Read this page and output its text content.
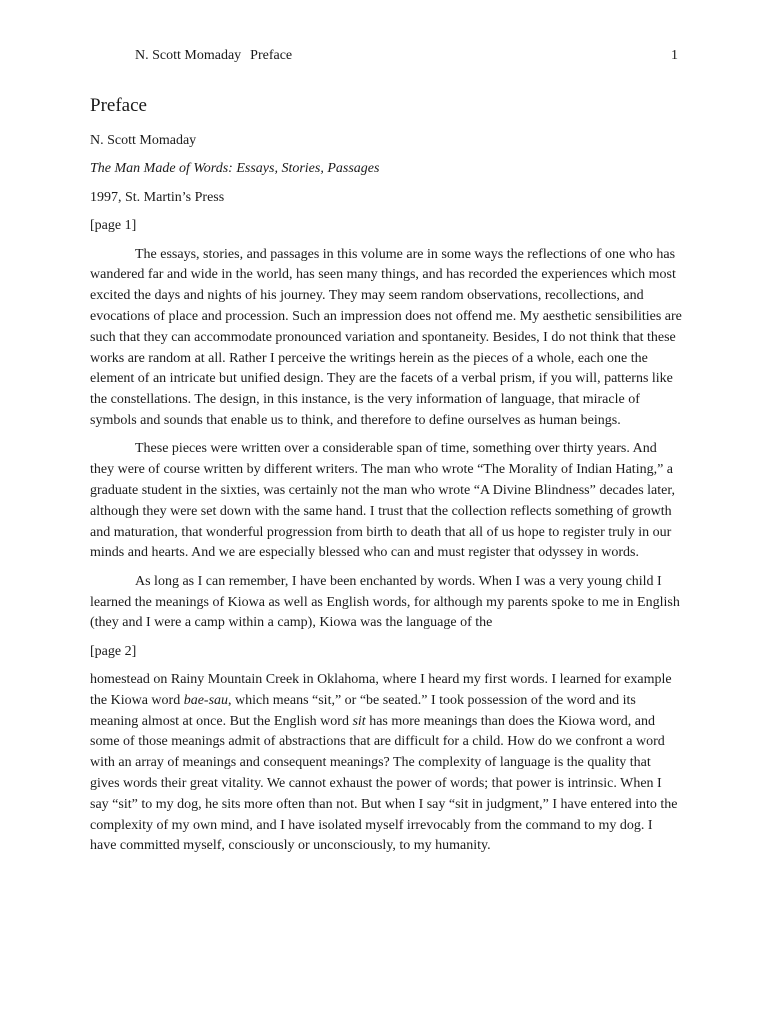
N. Scott Momaday Preface	1
Preface

N. Scott Momaday

The Man Made of Words: Essays, Stories, Passages

1997, St. Martin’s Press

[page 1]

The essays, stories, and passages in this volume are in some ways the reflections of one who has wandered far and wide in the world, has seen many things, and has recorded the experiences which most excited the days and nights of his journey. They may seem random observations, recollections, and evocations of place and procession. Such an impression does not offend me. My aesthetic sensibilities are such that they can accommodate pronounced variation and spontaneity. Besides, I do not think that these works are random at all. Rather I perceive the writings herein as the pieces of a whole, each one the element of an intricate but unified design. They are the facets of a verbal prism, if you will, patterns like the constellations. The design, in this instance, is the very information of language, that miracle of symbols and sounds that enable us to think, and therefore to define ourselves as human beings.

These pieces were written over a considerable span of time, something over thirty years. And they were of course written by different writers. The man who wrote “The Morality of Indian Hating,” a graduate student in the sixties, was certainly not the man who wrote “A Divine Blindness” decades later, although they were set down with the same hand. I trust that the collection reflects something of growth and maturation, that wonderful progression from birth to death that all of us hope to register truly in our minds and hearts. And we are especially blessed who can and must register that odyssey in words.

As long as I can remember, I have been enchanted by words. When I was a very young child I learned the meanings of Kiowa as well as English words, for although my parents spoke to me in English (they and I were a camp within a camp), Kiowa was the language of the

[page 2]

homestead on Rainy Mountain Creek in Oklahoma, where I heard my first words. I learned for example the Kiowa word bae-sau, which means “sit,” or “be seated.” I took possession of the word and its meaning almost at once. But the English word sit has more meanings than does the Kiowa word, and some of those meanings admit of abstractions that are difficult for a child. How do we confront a word with an array of meanings and consequent meanings? The complexity of language is the quality that gives words their great vitality. We cannot exhaust the power of words; that power is intrinsic. When I say “sit” to my dog, he sits more often than not. But when I say “sit in judgment,” I have entered into the complexity of my own mind, and I have isolated myself irrevocably from the command to my dog. I have committed myself, consciously or unconsciously, to my humanity.
